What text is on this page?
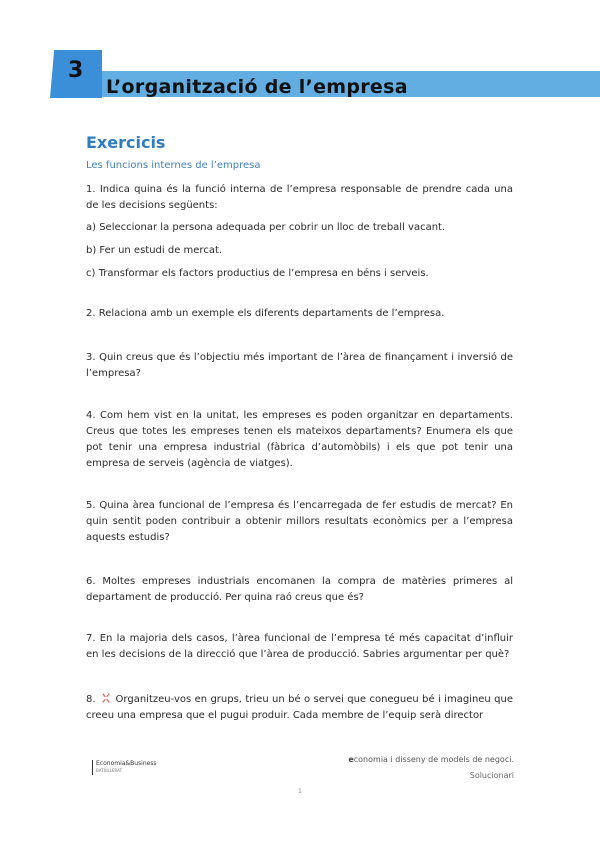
3
L’organització de l’empresa
Exercicis
Les funcions internes de l’empresa

1. Indica quina és la funció interna de l’empresa responsable de prendre cada una de les decisions següents:

a) Seleccionar la persona adequada per cobrir un lloc de treball vacant.

b) Fer un estudi de mercat.

c) Transformar els factors productius de l’empresa en béns i serveis.

2. Relaciona amb un exemple els diferents departaments de l’empresa.

3. Quin creus que és l’objectiu més important de l’àrea de finançament i inversió de l’empresa?

4. Com hem vist en la unitat, les empreses es poden organitzar en departaments. Creus que totes les empreses tenen els mateixos departaments? Enumera els que pot tenir una empresa industrial (fàbrica d’automòbils) i els que pot tenir una empresa de serveis (agència de viatges).

5. Quina àrea funcional de l’empresa és l’encarregada de fer estudis de mercat? En quin sentit poden contribuir a obtenir millors resultats econòmics per a l’empresa aquests estudis?

6. Moltes empreses industrials encomanen la compra de matèries primeres al departament de producció. Per quina raó creus que és?

7. En la majoria dels casos, l’àrea funcional de l’empresa té més capacitat d’influir en les decisions de la direcció que l’àrea de producció. Sabries argumentar per què?

8. Organitzeu-vos en grups, trieu un bé o servei que conegueu bé i imagineu que creeu una empresa que el pugui produir. Cada membre de l’equip serà director

Economia&Business
BATXILLERAT
economia i disseny de models de negoci.
Solucionari
1
